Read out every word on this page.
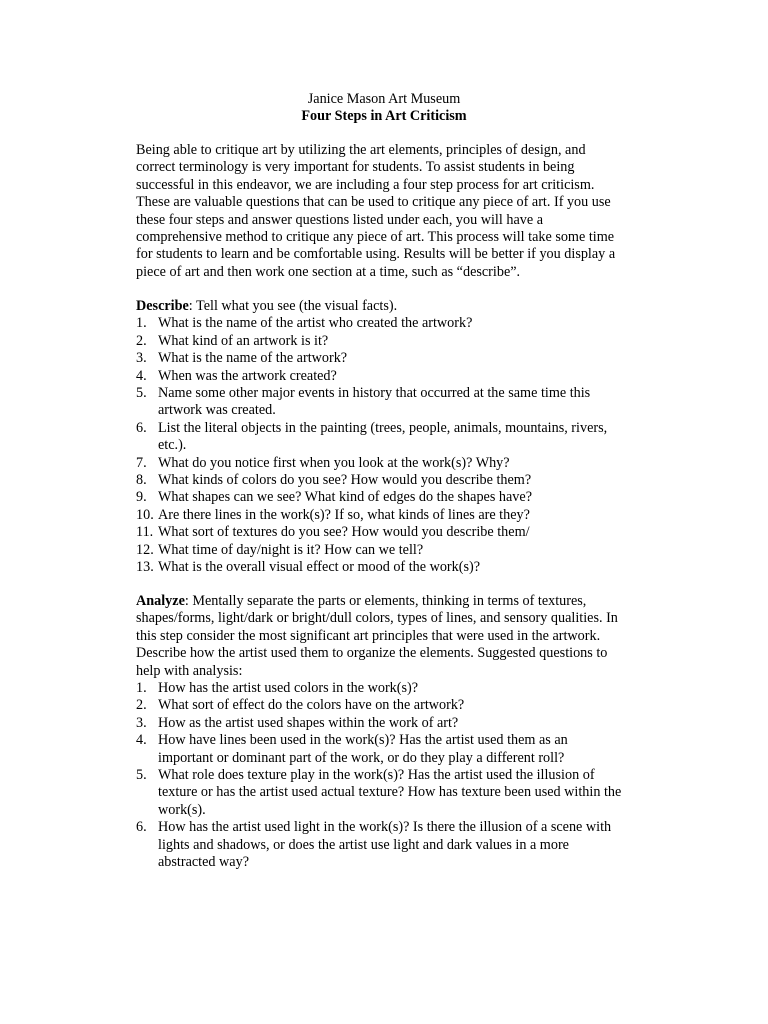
Janice Mason Art Museum
Four Steps in Art Criticism
Being able to critique art by utilizing the art elements, principles of design, and
correct terminology is very important for students. To assist students in being
successful in this endeavor, we are including a four step process for art criticism.
These are valuable questions that can be used to critique any piece of art. If you use
these four steps and answer questions listed under each, you will have a
comprehensive method to critique any piece of art. This process will take some time
for students to learn and be comfortable using. Results will be better if you display a
piece of art and then work one section at a time, such as “describe”.
Describe: Tell what you see (the visual facts).
1. What is the name of the artist who created the artwork?
2. What kind of an artwork is it?
3. What is the name of the artwork?
4. When was the artwork created?
5. Name some other major events in history that occurred at the same time this
artwork was created.
6. List the literal objects in the painting (trees, people, animals, mountains, rivers,
etc.).
7. What do you notice first when you look at the work(s)? Why?
8. What kinds of colors do you see? How would you describe them?
9. What shapes can we see? What kind of edges do the shapes have?
10. Are there lines in the work(s)? If so, what kinds of lines are they?
11. What sort of textures do you see? How would you describe them/
12. What time of day/night is it? How can we tell?
13. What is the overall visual effect or mood of the work(s)?
Analyze: Mentally separate the parts or elements, thinking in terms of textures,
shapes/forms, light/dark or bright/dull colors, types of lines, and sensory qualities. In
this step consider the most significant art principles that were used in the artwork.
Describe how the artist used them to organize the elements. Suggested questions to
help with analysis:
1. How has the artist used colors in the work(s)?
2. What sort of effect do the colors have on the artwork?
3. How as the artist used shapes within the work of art?
4. How have lines been used in the work(s)? Has the artist used them as an
important or dominant part of the work, or do they play a different roll?
5. What role does texture play in the work(s)? Has the artist used the illusion of
texture or has the artist used actual texture? How has texture been used within the
work(s).
6. How has the artist used light in the work(s)? Is there the illusion of a scene with
lights and shadows, or does the artist use light and dark values in a more
abstracted way?
